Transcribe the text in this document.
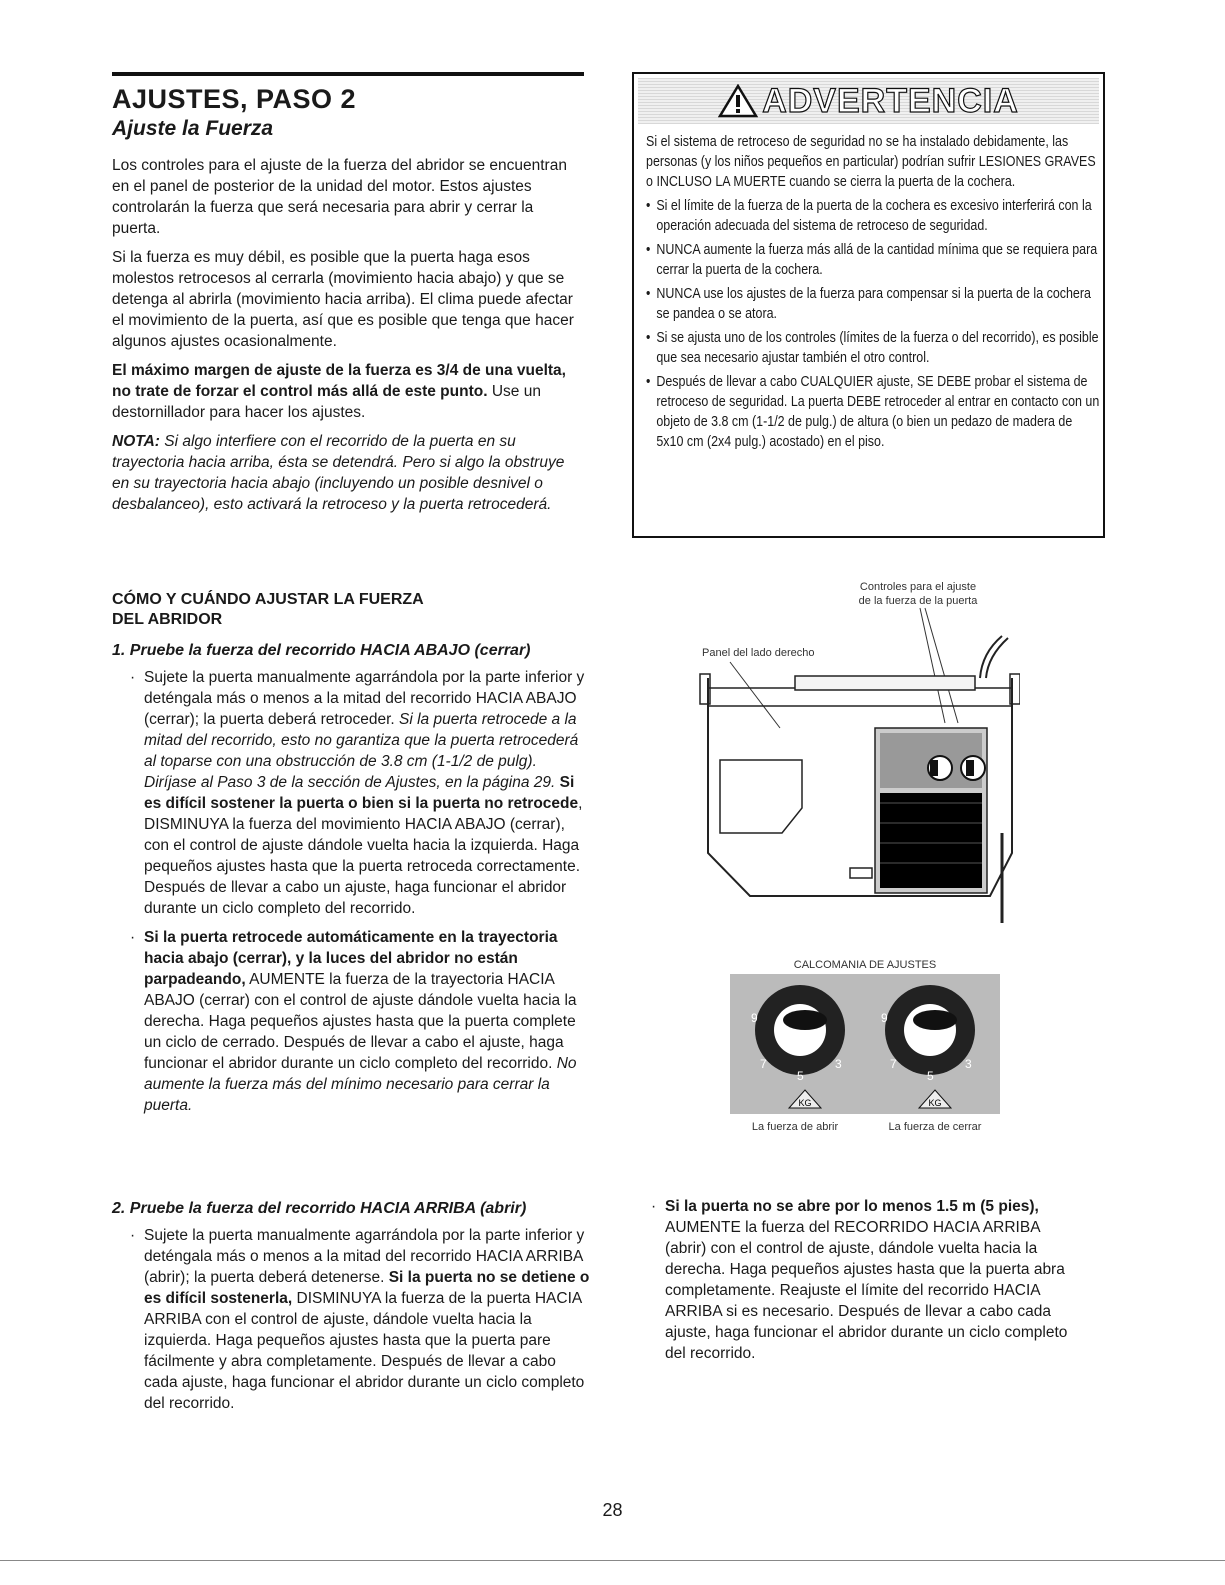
AJUSTES, PASO 2
Ajuste la Fuerza

Los controles para el ajuste de la fuerza del abridor se encuentran en el panel de posterior de la unidad del motor. Estos ajustes controlarán la fuerza que será necesaria para abrir y cerrar la puerta.

Si la fuerza es muy débil, es posible que la puerta haga esos molestos retrocesos al cerrarla (movimiento hacia abajo) y que se detenga al abrirla (movimiento hacia arriba). El clima puede afectar el movimiento de la puerta, así que es posible que tenga que hacer algunos ajustes ocasionalmente.

El máximo margen de ajuste de la fuerza es 3/4 de una vuelta, no trate de forzar el control más allá de este punto. Use un destornillador para hacer los ajustes.

NOTA: Si algo interfiere con el recorrido de la puerta en su trayectoria hacia arriba, ésta se detendrá. Pero si algo la obstruye en su trayectoria hacia abajo (incluyendo un posible desnivel o desbalanceo), esto activará la retroceso y la puerta retrocederá.

ADVERTENCIA

Si el sistema de retroceso de seguridad no se ha instalado debidamente, las personas (y los niños pequeños en particular) podrían sufrir LESIONES GRAVES o INCLUSO LA MUERTE cuando se cierra la puerta de la cochera.

• Si el límite de la fuerza de la puerta de la cochera es excesivo interferirá con la operación adecuada del sistema de retroceso de seguridad.
• NUNCA aumente la fuerza más allá de la cantidad mínima que se requiera para cerrar la puerta de la cochera.
• NUNCA use los ajustes de la fuerza para compensar si la puerta de la cochera se pandea o se atora.
• Si se ajusta uno de los controles (límites de la fuerza o del recorrido), es posible que sea necesario ajustar también el otro control.
• Después de llevar a cabo CUALQUIER ajuste, SE DEBE probar el sistema de retroceso de seguridad. La puerta DEBE retroceder al entrar en contacto con un objeto de 3.8 cm (1-1/2 de pulg.) de altura (o bien un pedazo de madera de 5x10 cm (2x4 pulg.) acostado) en el piso.
CÓMO Y CUÁNDO AJUSTAR LA FUERZA
DEL ABRIDOR
1. Pruebe la fuerza del recorrido HACIA ABAJO (cerrar)
· Sujete la puerta manualmente agarrándola por la parte inferior y deténgala más o menos a la mitad del recorrido HACIA ABAJO (cerrar); la puerta deberá retroceder. Si la puerta retrocede a la mitad del recorrido, esto no garantiza que la puerta retrocederá al toparse con una obstrucción de 3.8 cm (1-1/2 de pulg). Diríjase al Paso 3 de la sección de Ajustes, en la página 29. Si es difícil sostener la puerta o bien si la puerta no retrocede, DISMINUYA la fuerza del movimiento HACIA ABAJO (cerrar), con el control de ajuste dándole vuelta hacia la izquierda. Haga pequeños ajustes hasta que la puerta retroceda correctamente. Después de llevar a cabo un ajuste, haga funcionar el abridor durante un ciclo completo del recorrido.
· Si la puerta retrocede automáticamente en la trayectoria hacia abajo (cerrar), y la luces del abridor no están parpadeando, AUMENTE la fuerza de la trayectoria HACIA ABAJO (cerrar) con el control de ajuste dándole vuelta hacia la derecha. Haga pequeños ajustes hasta que la puerta complete un ciclo de cerrado. Después de llevar a cabo el ajuste, haga funcionar el abridor durante un ciclo completo del recorrido. No aumente la fuerza más del mínimo necesario para cerrar la puerta.
2. Pruebe la fuerza del recorrido HACIA ARRIBA (abrir)
· Sujete la puerta manualmente agarrándola por la parte inferior y deténgala más o menos a la mitad del recorrido HACIA ARRIBA (abrir); la puerta deberá detenerse. Si la puerta no se detiene o es difícil sostenerla, DISMINUYA la fuerza de la puerta HACIA ARRIBA con el control de ajuste, dándole vuelta hacia la izquierda. Haga pequeños ajustes hasta que la puerta pare fácilmente y abra completamente. Después de llevar a cabo cada ajuste, haga funcionar el abridor durante un ciclo completo del recorrido.
Controles para el ajuste
de la fuerza de la puerta
Panel del lado derecho
CALCOMANÍA DE AJUSTES
9
7
5
3
KG
9
7
5
3
KG
La fuerza de abrir	La fuerza de cerrar
· Si la puerta no se abre por lo menos 1.5 m (5 pies), AUMENTE la fuerza del RECORRIDO HACIA ARRIBA (abrir) con el control de ajuste, dándole vuelta hacia la derecha. Haga pequeños ajustes hasta que la puerta abra completamente. Reajuste el límite del recorrido HACIA ARRIBA si es necesario. Después de llevar a cabo cada ajuste, haga funcionar el abridor durante un ciclo completo del recorrido.
28
